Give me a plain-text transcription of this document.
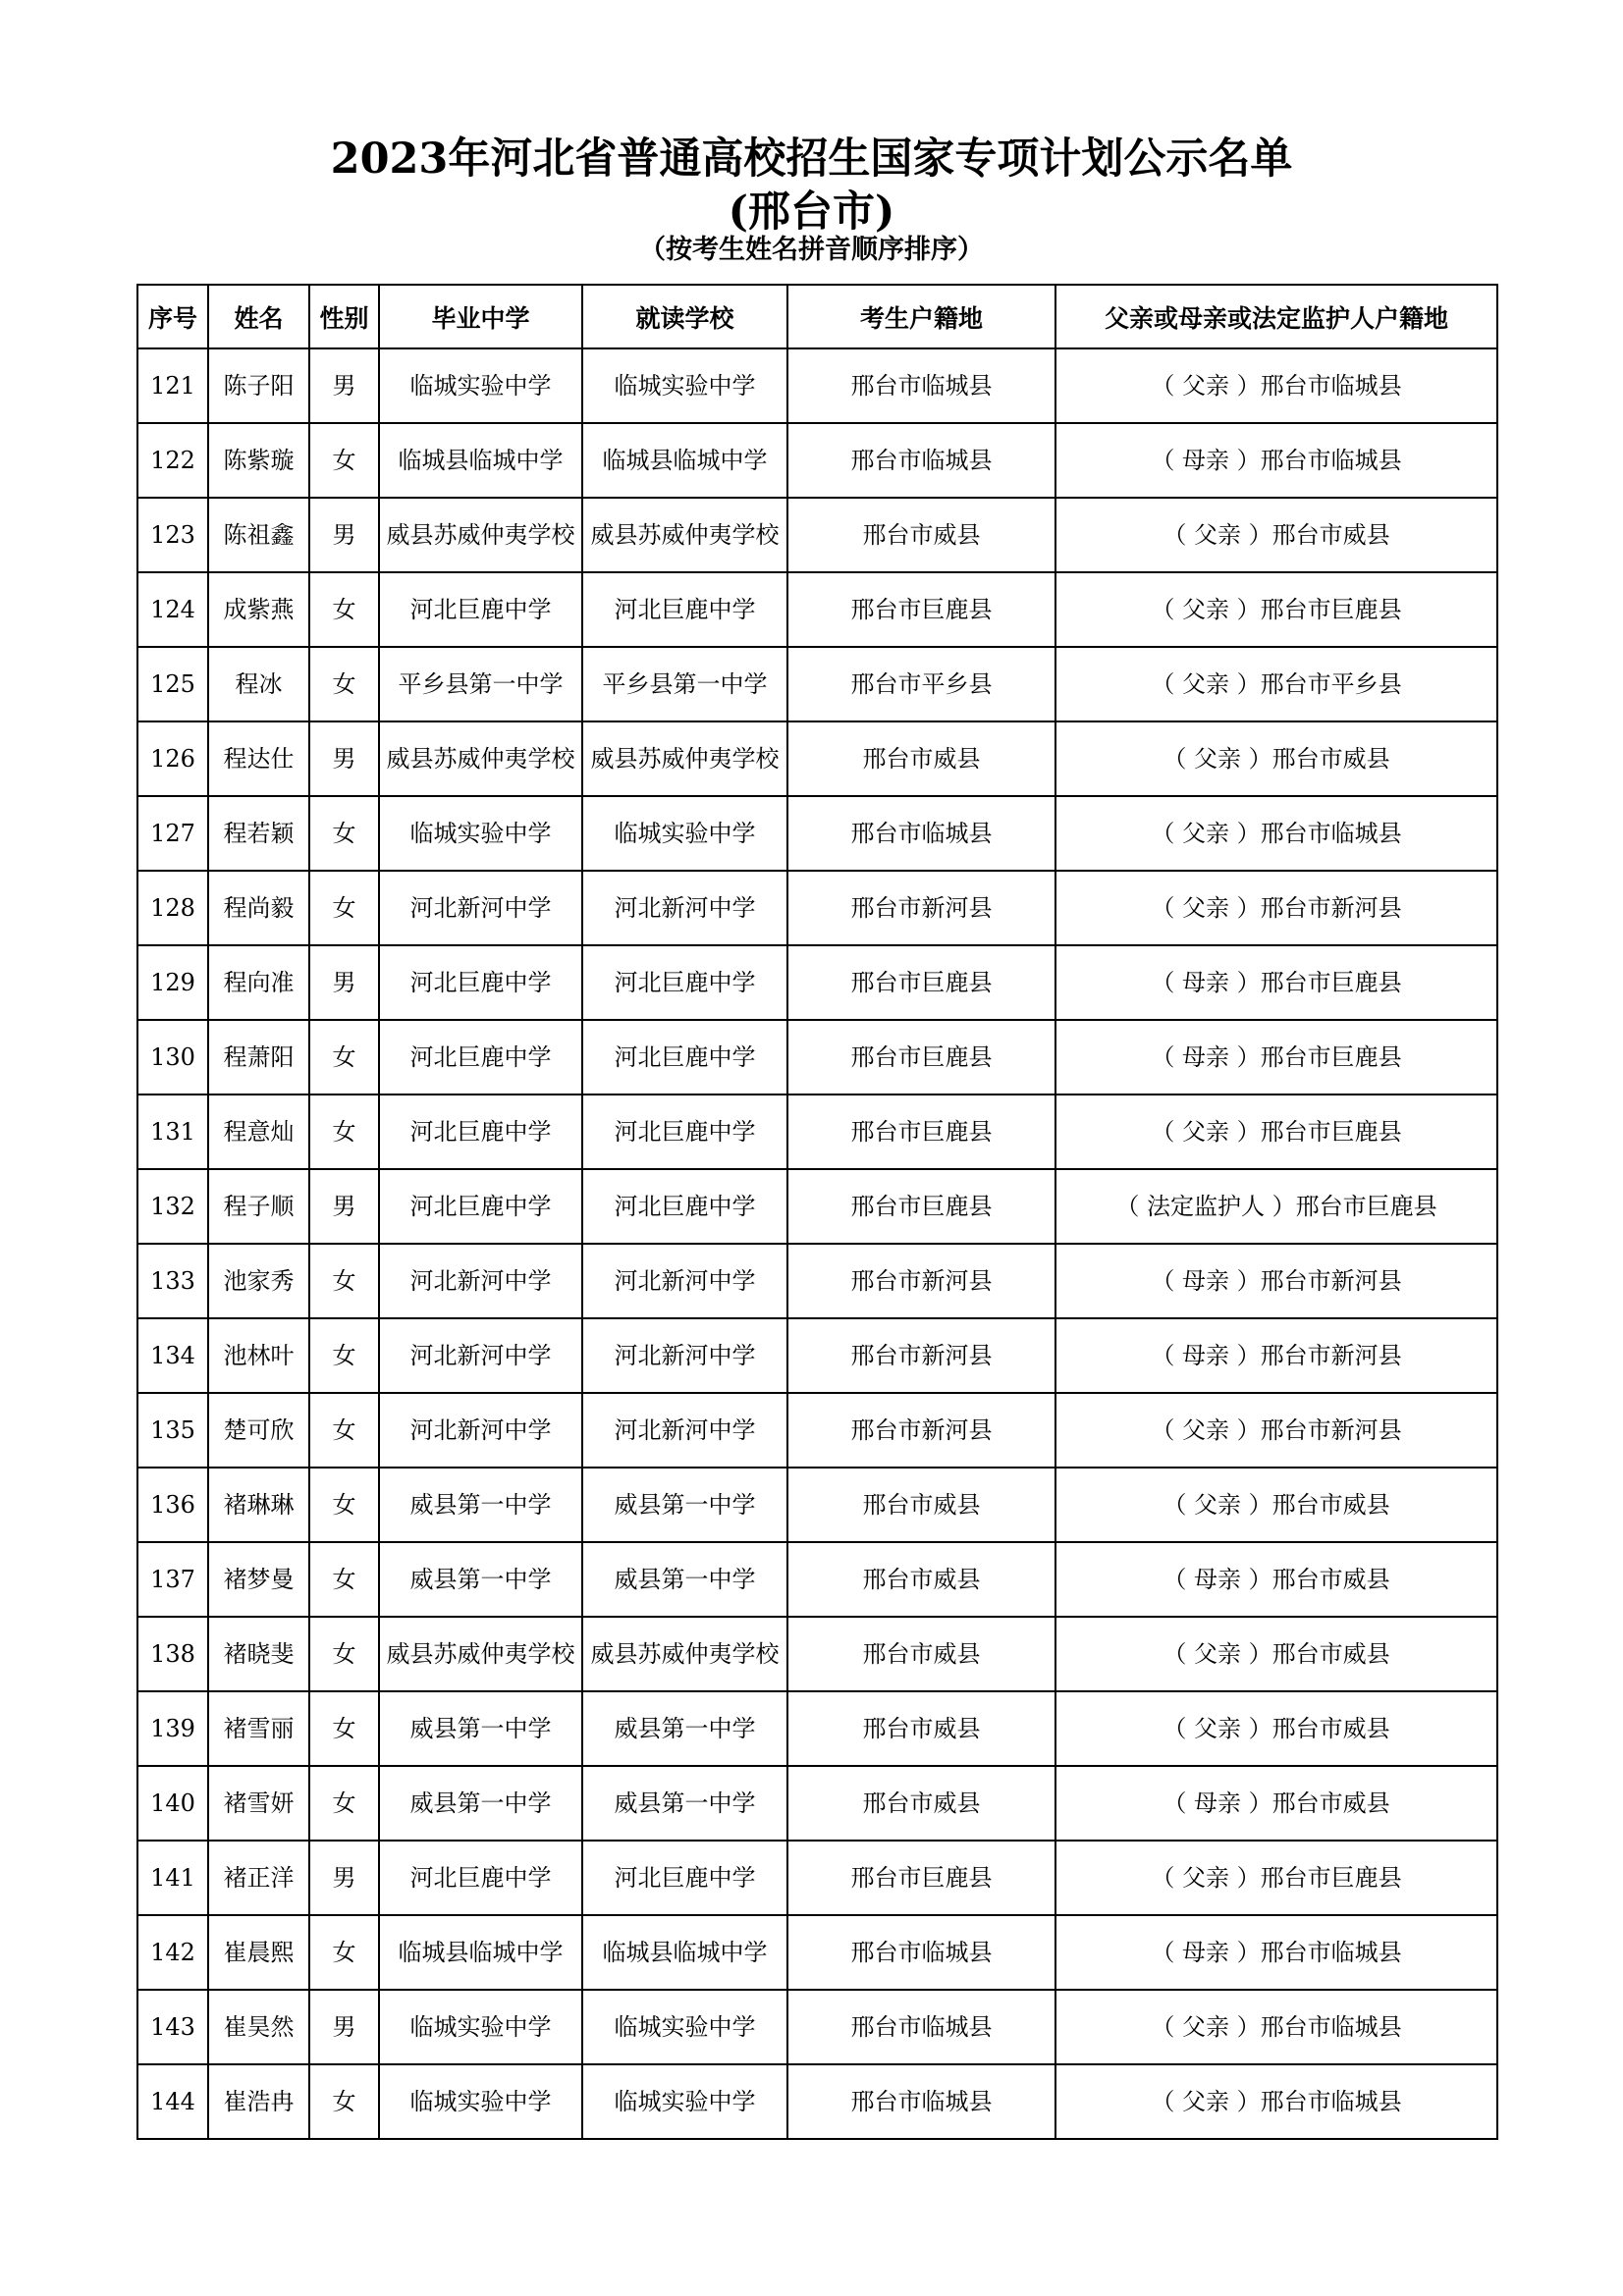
2023年河北省普通高校招生国家专项计划公示名单
(邢台市)
（按考生姓名拼音顺序排序）
序号	姓名	性别	毕业中学	就读学校	考生户籍地	父亲或母亲或法定监护人户籍地
121	陈子阳	男	临城实验中学	临城实验中学	邢台市临城县	（ 父亲 ）邢台市临城县
122	陈紫璇	女	临城县临城中学	临城县临城中学	邢台市临城县	（ 母亲 ）邢台市临城县
123	陈祖鑫	男	威县苏威仲夷学校	威县苏威仲夷学校	邢台市威县	（ 父亲 ）邢台市威县
124	成紫燕	女	河北巨鹿中学	河北巨鹿中学	邢台市巨鹿县	（ 父亲 ）邢台市巨鹿县
125	程冰	女	平乡县第一中学	平乡县第一中学	邢台市平乡县	（ 父亲 ）邢台市平乡县
126	程达仕	男	威县苏威仲夷学校	威县苏威仲夷学校	邢台市威县	（ 父亲 ）邢台市威县
127	程若颖	女	临城实验中学	临城实验中学	邢台市临城县	（ 父亲 ）邢台市临城县
128	程尚毅	女	河北新河中学	河北新河中学	邢台市新河县	（ 父亲 ）邢台市新河县
129	程向准	男	河北巨鹿中学	河北巨鹿中学	邢台市巨鹿县	（ 母亲 ）邢台市巨鹿县
130	程萧阳	女	河北巨鹿中学	河北巨鹿中学	邢台市巨鹿县	（ 母亲 ）邢台市巨鹿县
131	程意灿	女	河北巨鹿中学	河北巨鹿中学	邢台市巨鹿县	（ 父亲 ）邢台市巨鹿县
132	程子顺	男	河北巨鹿中学	河北巨鹿中学	邢台市巨鹿县	（ 法定监护人 ）邢台市巨鹿县
133	池家秀	女	河北新河中学	河北新河中学	邢台市新河县	（ 母亲 ）邢台市新河县
134	池林叶	女	河北新河中学	河北新河中学	邢台市新河县	（ 母亲 ）邢台市新河县
135	楚可欣	女	河北新河中学	河北新河中学	邢台市新河县	（ 父亲 ）邢台市新河县
136	褚琳琳	女	威县第一中学	威县第一中学	邢台市威县	（ 父亲 ）邢台市威县
137	褚梦曼	女	威县第一中学	威县第一中学	邢台市威县	（ 母亲 ）邢台市威县
138	褚晓斐	女	威县苏威仲夷学校	威县苏威仲夷学校	邢台市威县	（ 父亲 ）邢台市威县
139	褚雪丽	女	威县第一中学	威县第一中学	邢台市威县	（ 父亲 ）邢台市威县
140	褚雪妍	女	威县第一中学	威县第一中学	邢台市威县	（ 母亲 ）邢台市威县
141	褚正洋	男	河北巨鹿中学	河北巨鹿中学	邢台市巨鹿县	（ 父亲 ）邢台市巨鹿县
142	崔晨熙	女	临城县临城中学	临城县临城中学	邢台市临城县	（ 母亲 ）邢台市临城县
143	崔昊然	男	临城实验中学	临城实验中学	邢台市临城县	（ 父亲 ）邢台市临城县
144	崔浩冉	女	临城实验中学	临城实验中学	邢台市临城县	（ 父亲 ）邢台市临城县
